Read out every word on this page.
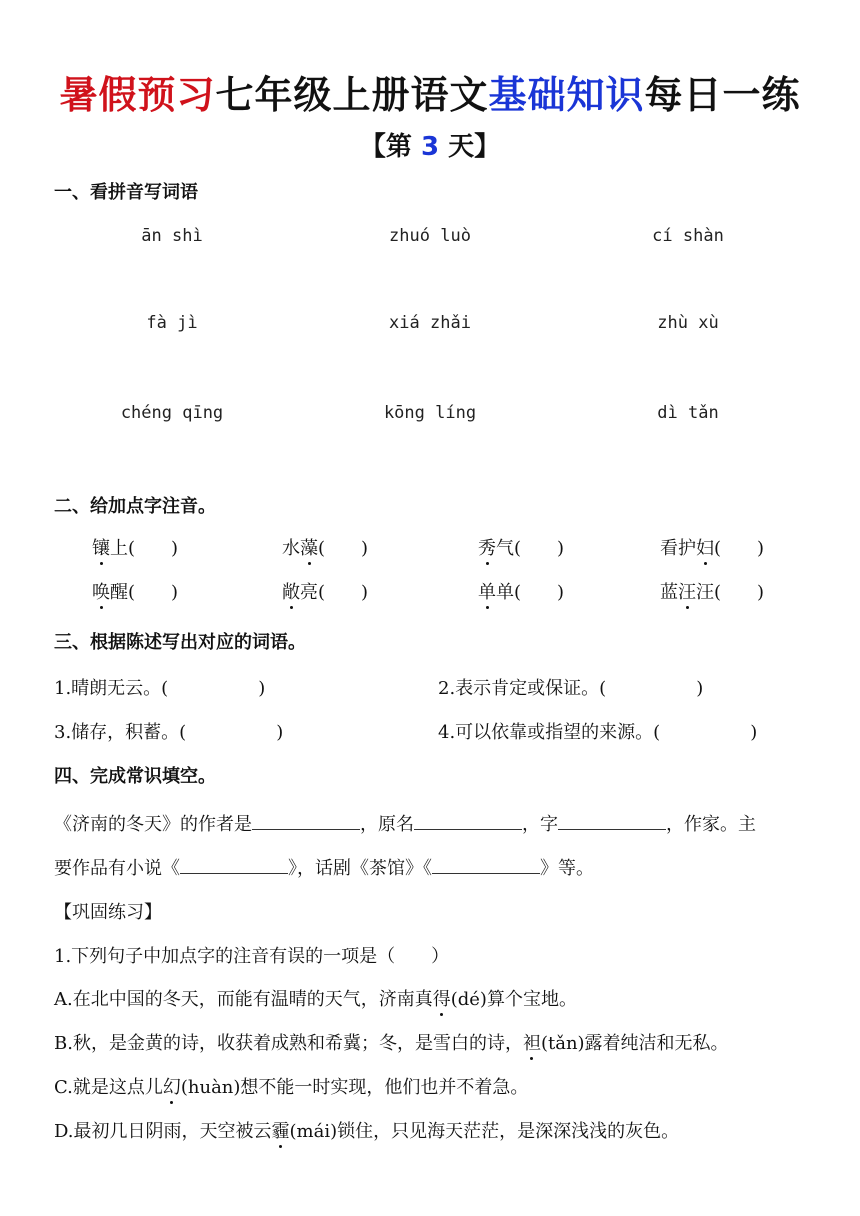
暑假预习七年级上册语文基础知识每日一练
【第 3 天】
一、看拼音写词语
ān shì	zhuó luò	cí shàn
fà jì	xiá zhǎi	zhù xù
chéng qīng	kōng líng	dì tǎn
二、给加点字注音。
镶上(　　)	水藻(　　)	秀气(　　)	看护妇(　　)
唤醒(　　)	敞亮(　　)	单单(　　)	蓝汪汪(　　)
三、根据陈述写出对应的词语。
1.晴朗无云。(　　　　　)	2.表示肯定或保证。(　　　　　)
3.储存，积蓄。(　　　　　)	4.可以依靠或指望的来源。(　　　　　)
四、完成常识填空。
《济南的冬天》的作者是	，原名	，字	，作家。主
要作品有小说《	》，话剧《茶馆》《	》等。
【巩固练习】
1.下列句子中加点字的注音有误的一项是（　　）
A.在北中国的冬天，而能有温晴的天气，济南真得(dé)算个宝地。
B.秋，是金黄的诗，收获着成熟和希冀；冬，是雪白的诗，袒(tǎn)露着纯洁和无私。
C.就是这点儿幻(huàn)想不能一时实现，他们也并不着急。
D.最初几日阴雨，天空被云霾(mái)锁住，只见海天茫茫，是深深浅浅的灰色。
